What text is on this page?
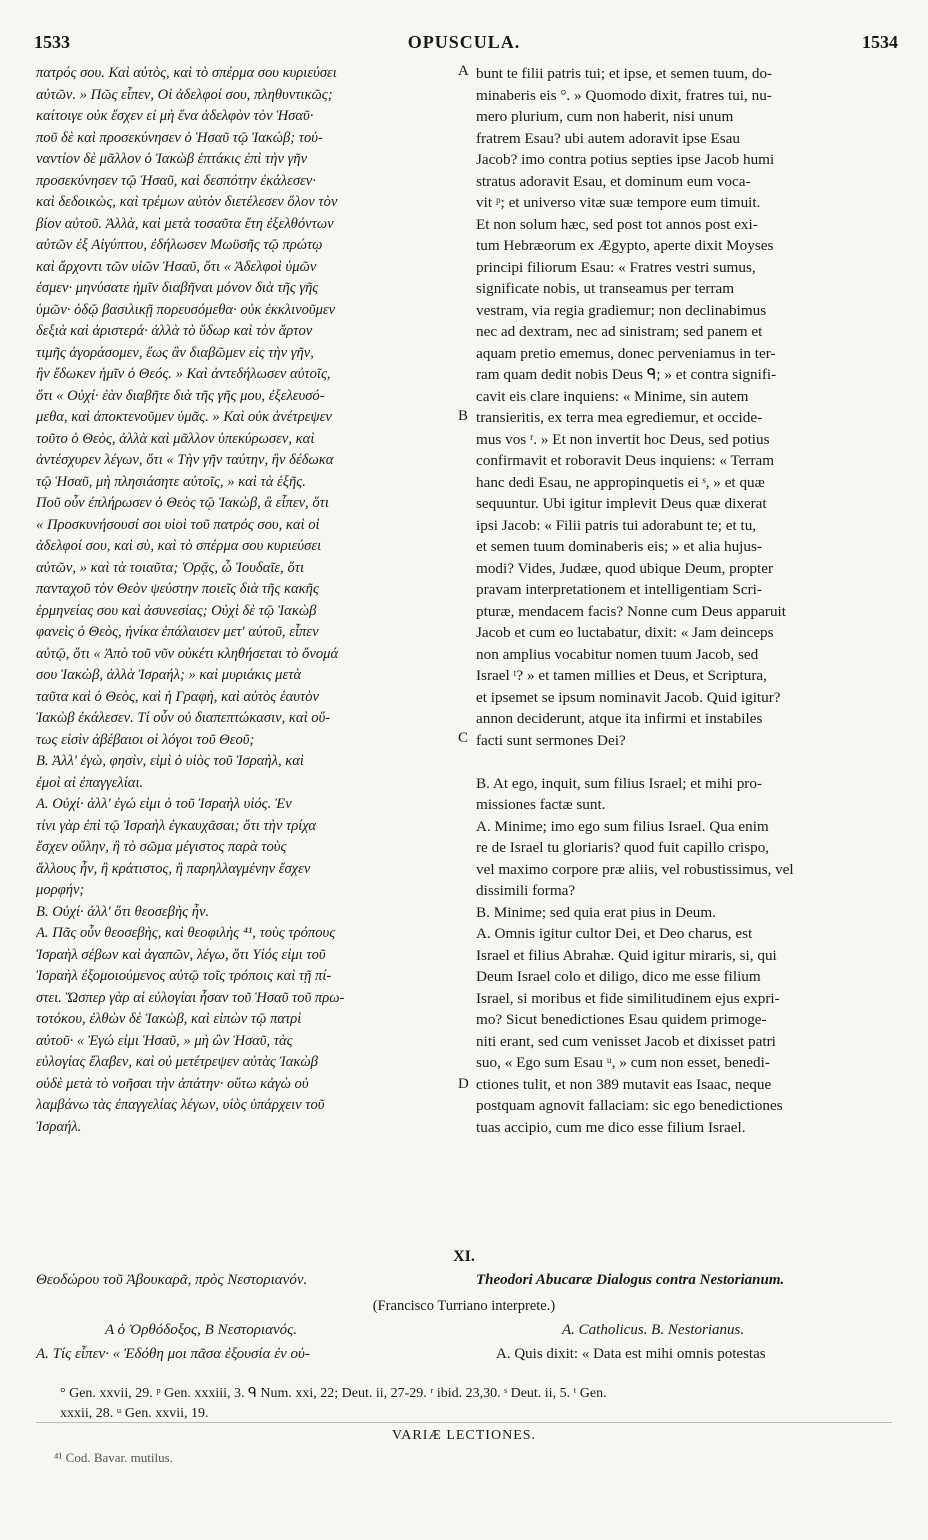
1533	OPUSCULA.	1534
πατρός σου. Καὶ αὐτὸς, καὶ τὸ σπέρμα σου κυριεύσει
αὐτῶν. » Πῶς εἶπεν, Οἱ ἀδελφοί σου, πληθυντικῶς;
καίτοιγε οὐκ ἔσχεν εἰ μὴ ἕνα ἀδελφὸν τὸν Ἡσαῦ·
ποῦ δὲ καὶ προσεκύνησεν ὁ Ἡσαῦ τῷ Ἰακώβ; τοὐ-
ναντίον δὲ μᾶλλον ὁ Ἰακὼβ ἑπτάκις ἐπὶ τὴν γῆν
προσεκύνησεν τῷ Ἡσαῦ, καὶ δεσπότην ἐκάλεσεν·
καὶ δεδοικὼς, καὶ τρέμων αὐτὸν διετέλεσεν ὅλον τὸν
βίον αὐτοῦ. Ἀλλὰ, καὶ μετὰ τοσαῦτα ἔτη ἐξελθόντων
αὐτῶν ἐξ Αἰγύπτου, ἐδήλωσεν Μωϋσῆς τῷ πρώτῳ
καὶ ἄρχοντι τῶν υἱῶν Ἡσαῦ, ὅτι « Ἀδελφοὶ ὑμῶν
ἐσμεν· μηνύσατε ἡμῖν διαβῆναι μόνον διὰ τῆς γῆς
ὑμῶν· ὁδῷ βασιλικῇ πορευσόμεθα· οὐκ ἐκκλινοῦμεν
δεξιὰ καὶ ἀριστερά· ἀλλὰ τὸ ὕδωρ καὶ τὸν ἄρτον
τιμῆς ἀγοράσομεν, ἕως ἂν διαβῶμεν εἰς τὴν γῆν,
ἣν ἔδωκεν ἡμῖν ὁ Θεός. » Καὶ ἀντεδήλωσεν αὐτοῖς,
ὅτι « Οὐχί· ἐὰν διαβῆτε διὰ τῆς γῆς μου, ἐξελευσό-
μεθα, καὶ ἀποκτενοῦμεν ὑμᾶς. » Καὶ οὐκ ἀνέτρεψεν
τοῦτο ὁ Θεὸς, ἀλλὰ καὶ μᾶλλον ὑπεκύρωσεν, καὶ
ἀντέσχυρεν λέγων, ὅτι « Τὴν γῆν ταύτην, ἣν δέδωκα
τῷ Ἡσαῦ, μὴ πλησιάσητε αὐτοῖς, » καὶ τὰ ἑξῆς.
Ποῦ οὖν ἐπλήρωσεν ὁ Θεὸς τῷ Ἰακὼβ, ἃ εἶπεν, ὅτι
« Προσκυνήσουσί σοι υἱοὶ τοῦ πατρός σου, καὶ οἱ
ἀδελφοί σου, καὶ σὺ, καὶ τὸ σπέρμα σου κυριεύσει
αὐτῶν, » καὶ τὰ τοιαῦτα; Ὁρᾷς, ὦ Ἰουδαῖε, ὅτι
πανταχοῦ τὸν Θεὸν ψεύστην ποιεῖς διὰ τῆς κακῆς
ἑρμηνείας σου καὶ ἀσυνεσίας; Οὐχὶ δὲ τῷ Ἰακὼβ
φανεὶς ὁ Θεὸς, ἡνίκα ἐπάλαισεν μετ' αὐτοῦ, εἶπεν
αὐτῷ, ὅτι « Ἀπὸ τοῦ νῦν οὐκέτι κληθήσεται τὸ ὄνομά
σου Ἰακὼβ, ἀλλὰ Ἰσραήλ; » καὶ μυριάκις μετὰ
ταῦτα καὶ ὁ Θεὸς, καὶ ἡ Γραφὴ, καὶ αὐτὸς ἑαυτὸν
Ἰακὼβ ἐκάλεσεν. Τί οὖν οὐ διαπεπτώκασιν, καὶ οὕ-
τως εἰσὶν ἀβέβαιοι οἱ λόγοι τοῦ Θεοῦ;
B. Ἀλλ' ἐγὼ, φησὶν, εἰμὶ ὁ υἱὸς τοῦ Ἰσραὴλ, καὶ
ἐμοὶ αἱ ἐπαγγελίαι.
A. Οὐχί· ἀλλ' ἐγώ εἰμι ὁ τοῦ Ἰσραὴλ υἱός. Ἐν
τίνι γὰρ ἐπὶ τῷ Ἰσραὴλ ἐγκαυχᾶσαι; ὅτι τὴν τρίχα
ἔσχεν οὔλην, ἢ τὸ σῶμα μέγιστος παρὰ τοὺς
ἄλλους ἦν, ἢ κράτιστος, ἢ παρηλλαγμένην ἔσχεν
μορφήν;
B. Οὐχί· ἀλλ' ὅτι θεοσεβὴς ἦν.
A. Πᾶς οὖν θεοσεβὴς, καὶ θεοφιλὴς ⁴¹, τοὺς τρόπους
Ἰσραὴλ σέβων καὶ ἀγαπῶν, λέγω, ὅτι Υἱός εἰμι τοῦ
Ἰσραὴλ ἐξομοιούμενος αὐτῷ τοῖς τρόποις καὶ τῇ πί-
στει. Ὥσπερ γὰρ αἱ εὐλογίαι ἦσαν τοῦ Ἡσαῦ τοῦ πρω-
τοτόκου, ἐλθὼν δὲ Ἰακὼβ, καὶ εἰπὼν τῷ πατρὶ
αὐτοῦ· « Ἐγώ εἰμι Ἡσαῦ, » μὴ ὢν Ἡσαῦ, τὰς
εὐλογίας ἔλαβεν, καὶ οὐ μετέτρεψεν αὐτὰς Ἰακὼβ
οὐδὲ μετὰ τὸ νοῆσαι τὴν ἀπάτην· οὕτω κἀγὼ οὐ
λαμβάνω τὰς ἐπαγγελίας λέγων, υἱὸς ὑπάρχειν τοῦ
Ἰσραήλ.
bunt te filii patris tui; et ipse, et semen tuum, do-
minaberis eis °. » Quomodo dixit, fratres tui, nu-
mero plurium, cum non haberit, nisi unum
fratrem Esau? ubi autem adoravit ipse Esau
Jacob? imo contra potius septies ipse Jacob humi
stratus adoravit Esau, et dominum eum voca-
vit ᵖ; et universo vitæ suæ tempore eum timuit.
Et non solum hæc, sed post tot annos post exi-
tum Hebræorum ex Ægypto, aperte dixit Moyses
principi filiorum Esau: « Fratres vestri sumus,
significate nobis, ut transeamus per terram
vestram, via regia gradiemur; non declinabimus
nec ad dextram, nec ad sinistram; sed panem et
aquam pretio ememus, donec perveniamus in ter-
ram quam dedit nobis Deus ᑫ; » et contra signifi-
cavit eis clare inquiens: « Minime, sin autem
transieritis, ex terra mea egrediemur, et occide-
mus vos ʳ. » Et non invertit hoc Deus, sed potius
confirmavit et roboravit Deus inquiens: « Terram
hanc dedi Esau, ne appropinquetis ei ˢ, » et quæ
sequuntur. Ubi igitur implevit Deus quæ dixerat
ipsi Jacob: « Filii patris tui adorabunt te; et tu,
et semen tuum dominaberis eis; » et alia hujus-
modi? Vides, Judæe, quod ubique Deum, propter
pravam interpretationem et intelligentiam Scri-
pturæ, mendacem facis? Nonne cum Deus apparuit
Jacob et cum eo luctabatur, dixit: « Jam deinceps
non amplius vocabitur nomen tuum Jacob, sed
Israel ᵗ? » et tamen millies et Deus, et Scriptura,
et ipsemet se ipsum nominavit Jacob. Quid igitur?
annon deciderunt, atque ita infirmi et instabiles
facti sunt sermones Dei?
B. At ego, inquit, sum filius Israel; et mihi pro-
missiones factæ sunt.
A. Minime; imo ego sum filius Israel. Qua enim
re de Israel tu gloriaris? quod fuit capillo crispo,
vel maximo corpore præ aliis, vel robustissimus, vel
dissimili forma?
B. Minime; sed quia erat pius in Deum.
A. Omnis igitur cultor Dei, et Deo charus, est
Israel et filius Abrahæ. Quid igitur miraris, si, qui
Deum Israel colo et diligo, dico me esse filium
Israel, si moribus et fide similitudinem ejus expri-
mo? Sicut benedictiones Esau quidem primoge-
niti erant, sed cum venisset Jacob et dixisset patri
suo, « Ego sum Esau ᵘ, » cum non esset, benedi-
ctiones tulit, et non 389 mutavit eas Isaac, neque
postquam agnovit fallaciam: sic ego benedictiones
tuas accipio, cum me dico esse filium Israel.
A
B
C
D
XI.
Θεοδώρου τοῦ Ἀβουκαρᾶ, πρὸς Νεστοριανόν.	Theodori Abucaræ Dialogus contra Nestorianum.
(Francisco Turriano interprete.)
A ὁ Ὀρθόδοξος, B Νεστοριανός.	A. Catholicus. B. Nestorianus.
A. Τίς εἶπεν· « Ἐδόθη μοι πᾶσα ἐξουσία ἐν οὐ-	A. Quis dixit: « Data est mihi omnis potestas
° Gen. xxvii, 29. ᵖ Gen. xxxiii, 3. ᑫ Num. xxi, 22; Deut. ii, 27-29. ʳ ibid. 23,30. ˢ Deut. ii, 5. ᵗ Gen.
xxxii, 28. ᵘ Gen. xxvii, 19.
VARIÆ LECTIONES.
⁴¹ Cod. Bavar. mutilus.
